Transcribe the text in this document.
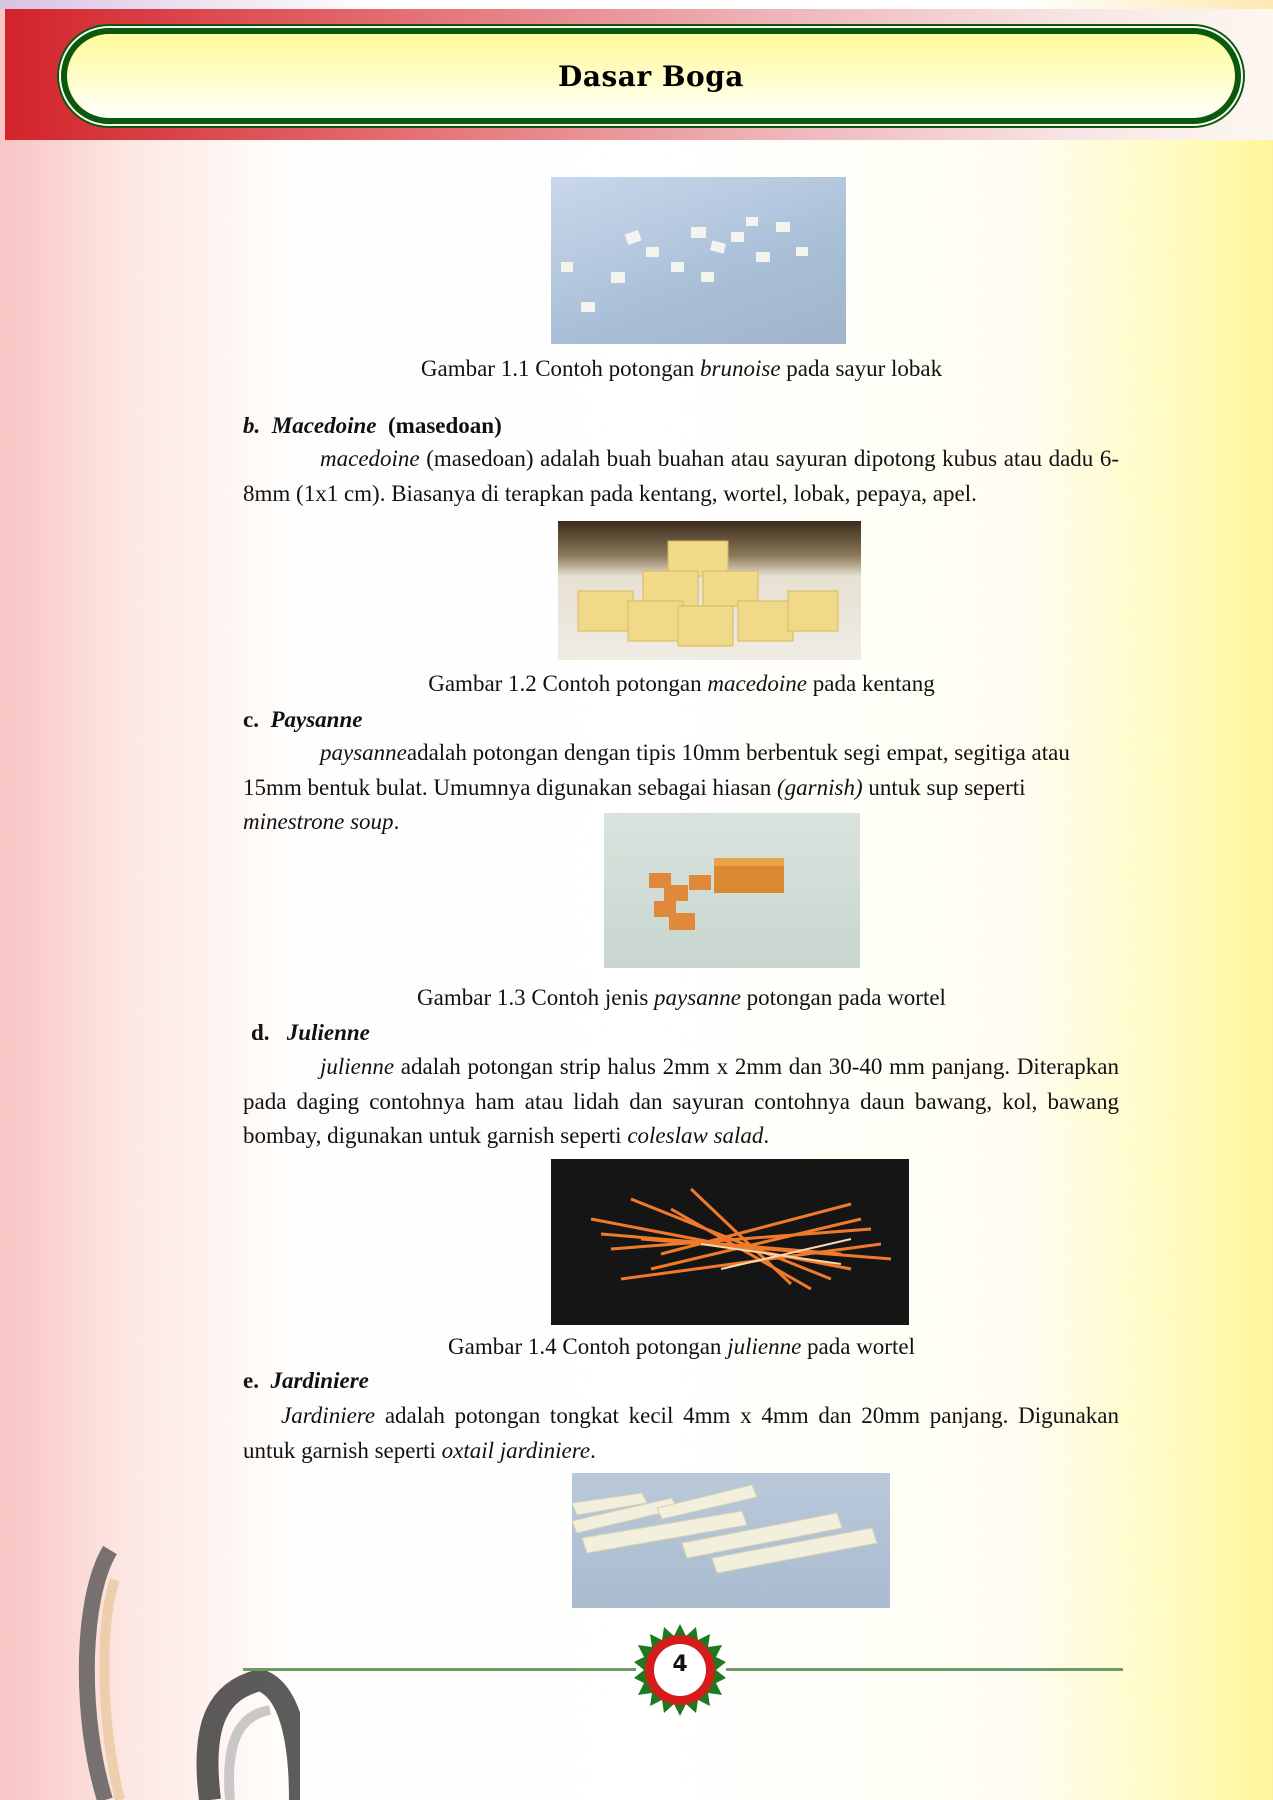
Dasar Boga
Gambar 1.1 Contoh potongan brunoise pada sayur lobak
b. Macedoine (masedoan)
macedoine (masedoan) adalah buah buahan atau sayuran dipotong kubus atau dadu 6-8mm (1x1 cm). Biasanya di terapkan pada kentang, wortel, lobak, pepaya, apel.
Gambar 1.2 Contoh potongan macedoine pada kentang
c. Paysanne
paysanneadalah potongan dengan tipis 10mm berbentuk segi empat, segitiga atau 15mm bentuk bulat. Umumnya digunakan sebagai hiasan (garnish) untuk sup seperti minestrone soup.
Gambar 1.3 Contoh jenis paysanne potongan pada wortel
d. Julienne
julienne adalah potongan strip halus 2mm x 2mm dan 30-40 mm panjang. Diterapkan pada daging contohnya ham atau lidah dan sayuran contohnya daun bawang, kol, bawang bombay, digunakan untuk garnish seperti coleslaw salad.
Gambar 1.4 Contoh potongan julienne pada wortel
e. Jardiniere
Jardiniere adalah potongan tongkat kecil 4mm x 4mm dan 20mm panjang. Digunakan untuk garnish seperti oxtail jardiniere.
4
